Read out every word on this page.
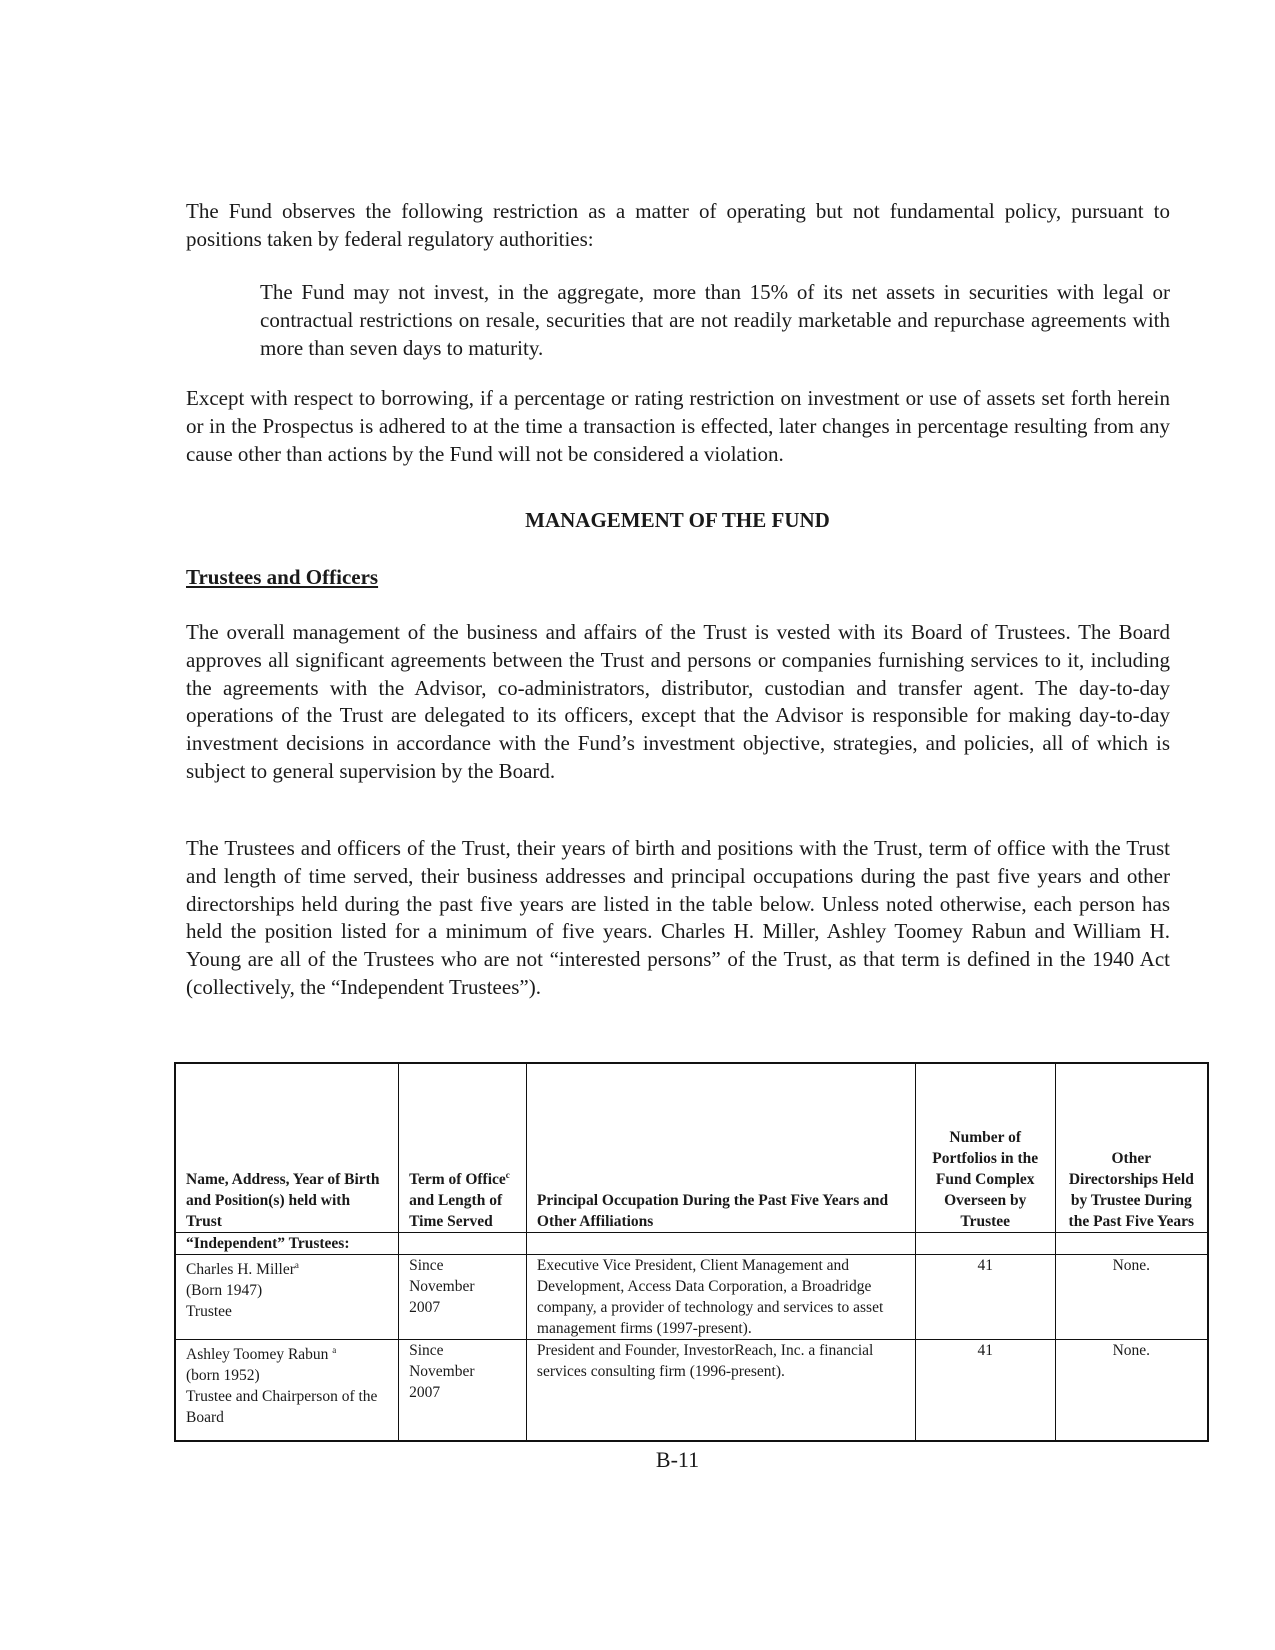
The Fund observes the following restriction as a matter of operating but not fundamental policy, pursuant to positions taken by federal regulatory authorities:

The Fund may not invest, in the aggregate, more than 15% of its net assets in securities with legal or contractual restrictions on resale, securities that are not readily marketable and repurchase agreements with more than seven days to maturity.

Except with respect to borrowing, if a percentage or rating restriction on investment or use of assets set forth herein or in the Prospectus is adhered to at the time a transaction is effected, later changes in percentage resulting from any cause other than actions by the Fund will not be considered a violation.

MANAGEMENT OF THE FUND
Trustees and Officers

The overall management of the business and affairs of the Trust is vested with its Board of Trustees. The Board approves all significant agreements between the Trust and persons or companies furnishing services to it, including the agreements with the Advisor, co-administrators, distributor, custodian and transfer agent. The day-to-day operations of the Trust are delegated to its officers, except that the Advisor is responsible for making day-to-day investment decisions in accordance with the Fund’s investment objective, strategies, and policies, all of which is subject to general supervision by the Board.

The Trustees and officers of the Trust, their years of birth and positions with the Trust, term of office with the Trust and length of time served, their business addresses and principal occupations during the past five years and other directorships held during the past five years are listed in the table below. Unless noted otherwise, each person has held the position listed for a minimum of five years. Charles H. Miller, Ashley Toomey Rabun and William H. Young are all of the Trustees who are not “interested persons” of the Trust, as that term is defined in the 1940 Act (collectively, the “Independent Trustees”).

Name, Address, Year of Birth and Position(s) held with Trust	Term of Office$^c$ and Length of Time Served	Principal Occupation During the Past Five Years and Other Affiliations	Number of Portfolios in the Fund Complex Overseen by Trustee	Other Directorships Held by Trustee During the Past Five Years
“Independent” Trustees:				

Charles H. Miller$^a$
(Born 1947)
Trustee	Since
November
2007	Executive Vice President, Client Management and Development, Access Data Corporation, a Broadridge company, a provider of technology and services to asset management firms (1997-present).	41	None.

Ashley Toomey Rabun $^a$
(born 1952)
Trustee and Chairperson of the Board	Since
November
2007	President and Founder, InvestorReach, Inc. a financial services consulting firm (1996-present).	41	None.

B-11
